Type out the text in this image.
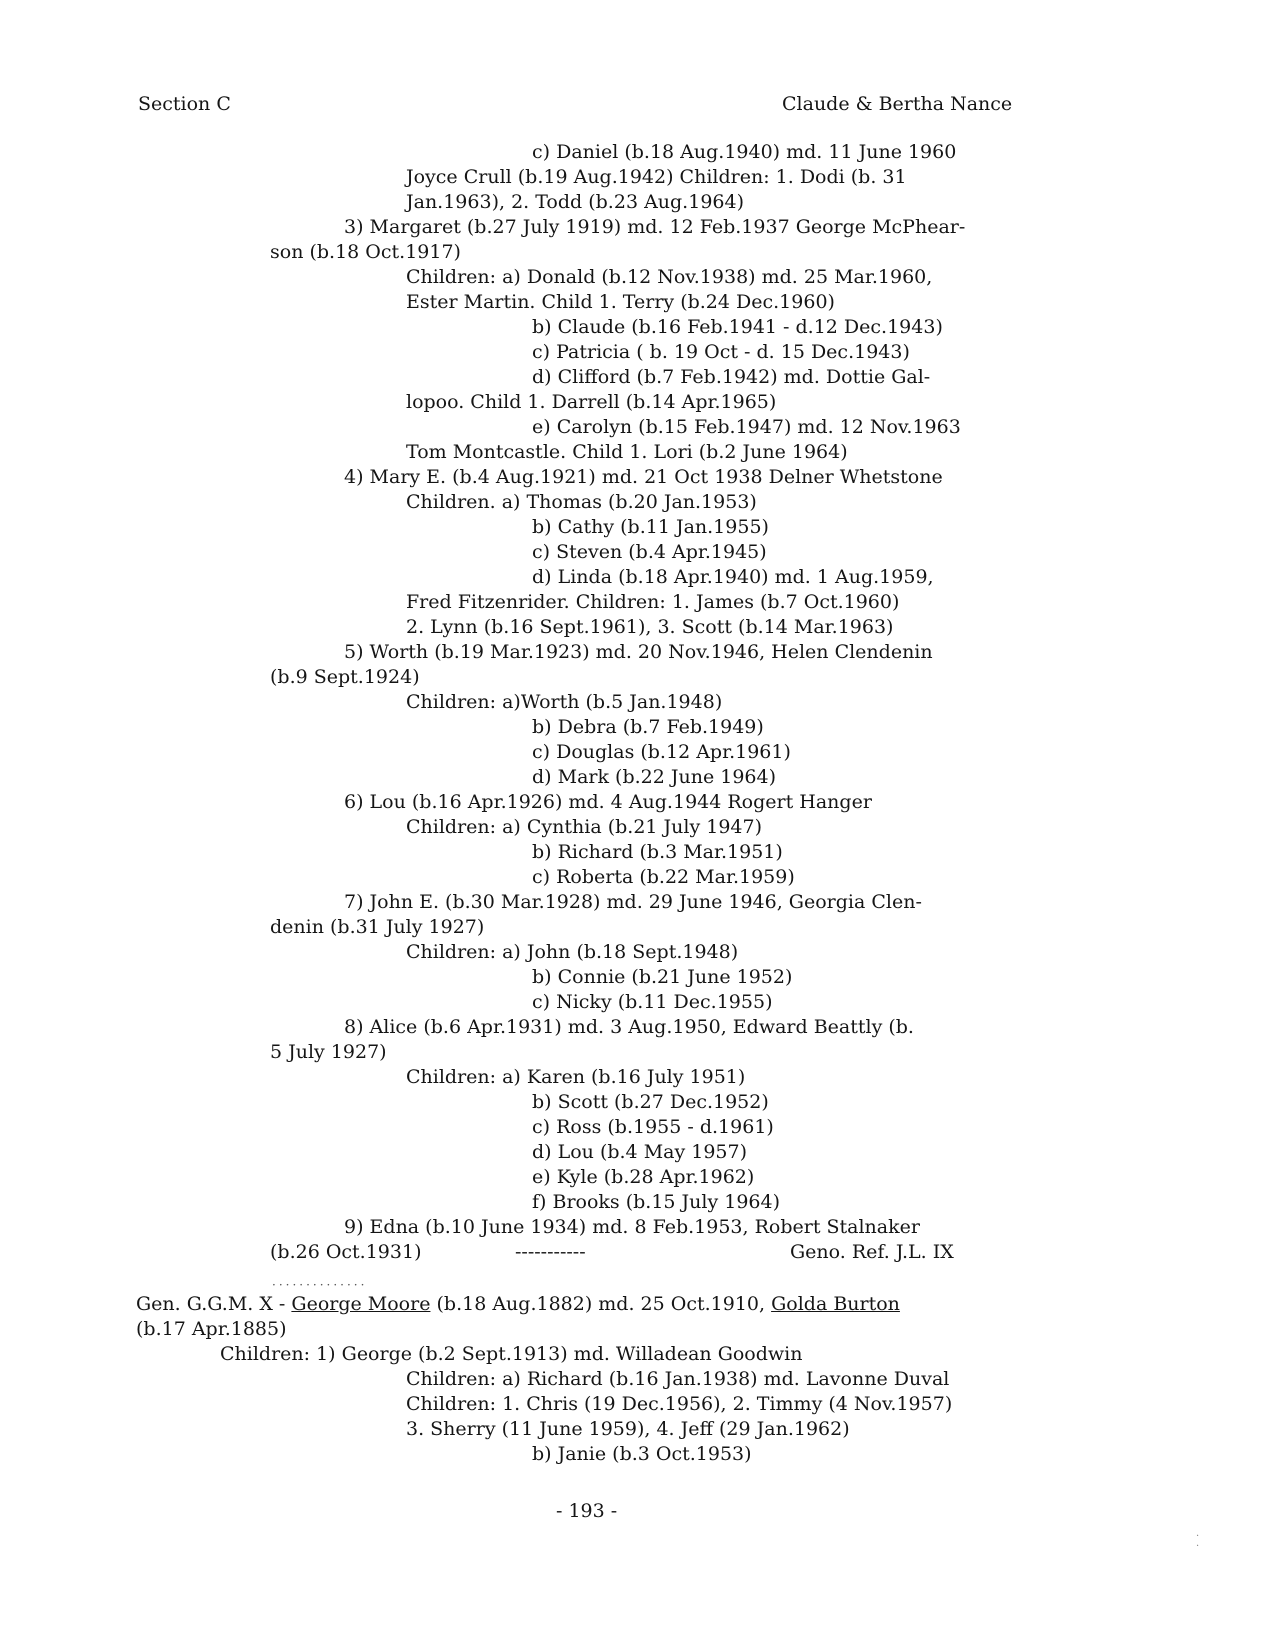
Section C	Claude & Bertha Nance
c) Daniel (b.18 Aug.1940) md. 11 June 1960
Joyce Crull (b.19 Aug.1942) Children: 1. Dodi (b. 31
Jan.1963), 2. Todd (b.23 Aug.1964)
3) Margaret (b.27 July 1919) md. 12 Feb.1937 George McPhear-
son (b.18 Oct.1917)
Children: a) Donald (b.12 Nov.1938) md. 25 Mar.1960,
Ester Martin. Child 1. Terry (b.24 Dec.1960)
b) Claude (b.16 Feb.1941 - d.12 Dec.1943)
c) Patricia ( b. 19 Oct - d. 15 Dec.1943)
d) Clifford (b.7 Feb.1942) md. Dottie Gal-
lopoo. Child 1. Darrell (b.14 Apr.1965)
e) Carolyn (b.15 Feb.1947) md. 12 Nov.1963
Tom Montcastle. Child 1. Lori (b.2 June 1964)
4) Mary E. (b.4 Aug.1921) md. 21 Oct 1938 Delner Whetstone
Children. a) Thomas (b.20 Jan.1953)
b) Cathy (b.11 Jan.1955)
c) Steven (b.4 Apr.1945)
d) Linda (b.18 Apr.1940) md. 1 Aug.1959,
Fred Fitzenrider. Children: 1. James (b.7 Oct.1960)
2. Lynn (b.16 Sept.1961), 3. Scott (b.14 Mar.1963)
5) Worth (b.19 Mar.1923) md. 20 Nov.1946, Helen Clendenin
(b.9 Sept.1924)
Children: a)Worth (b.5 Jan.1948)
b) Debra (b.7 Feb.1949)
c) Douglas (b.12 Apr.1961)
d) Mark (b.22 June 1964)
6) Lou (b.16 Apr.1926) md. 4 Aug.1944 Rogert Hanger
Children: a) Cynthia (b.21 July 1947)
b) Richard (b.3 Mar.1951)
c) Roberta (b.22 Mar.1959)
7) John E. (b.30 Mar.1928) md. 29 June 1946, Georgia Clen-
denin (b.31 July 1927)
Children: a) John (b.18 Sept.1948)
b) Connie (b.21 June 1952)
c) Nicky (b.11 Dec.1955)
8) Alice (b.6 Apr.1931) md. 3 Aug.1950, Edward Beattly (b.
5 July 1927)
Children: a) Karen (b.16 July 1951)
b) Scott (b.27 Dec.1952)
c) Ross (b.1955 - d.1961)
d) Lou (b.4 May 1957)
e) Kyle (b.28 Apr.1962)
f) Brooks (b.15 July 1964)
9) Edna (b.10 June 1934) md. 8 Feb.1953, Robert Stalnaker
(b.26 Oct.1931)	-----------	Geno. Ref. J.L. IX
··············
Gen. G.G.M. X - George Moore (b.18 Aug.1882) md. 25 Oct.1910, Golda Burton
(b.17 Apr.1885)
Children: 1) George (b.2 Sept.1913) md. Willadean Goodwin
Children: a) Richard (b.16 Jan.1938) md. Lavonne Duval
Children: 1. Chris (19 Dec.1956), 2. Timmy (4 Nov.1957)
3. Sherry (11 June 1959), 4. Jeff (29 Jan.1962)
b) Janie (b.3 Oct.1953)
- 193 -
·
·
